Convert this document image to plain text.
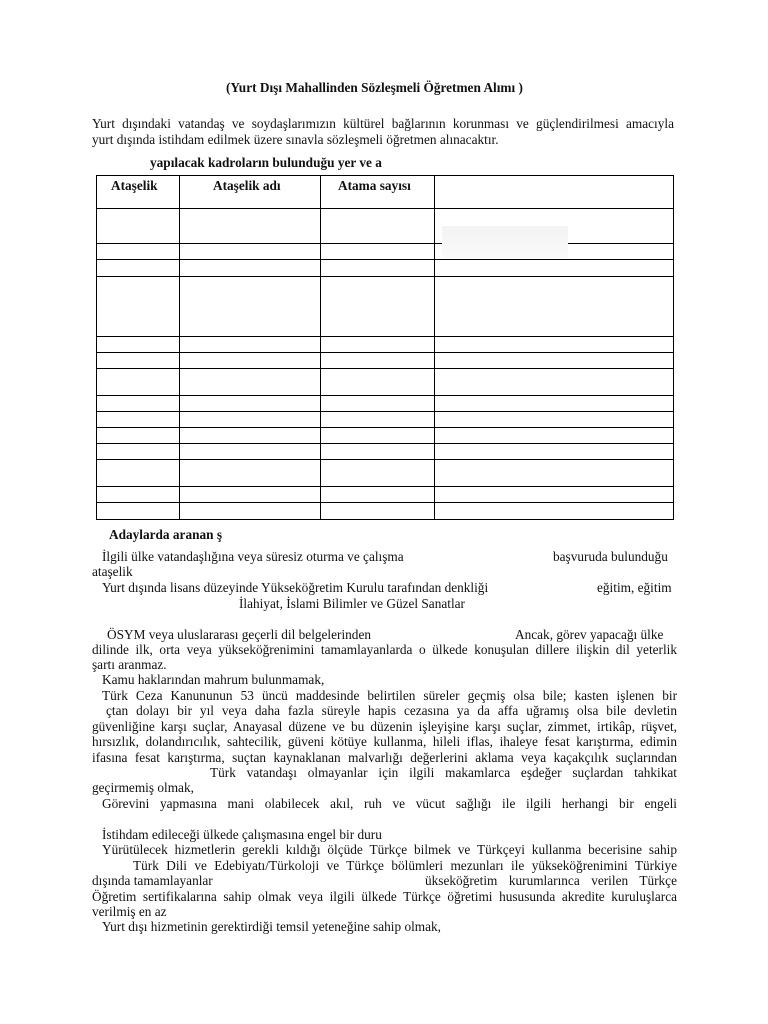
(Yurt Dışı Mahallinden Sözleşmeli Öğretmen Alımı )
Yurt dışındaki vatandaş ve soydaşlarımızın kültürel bağlarının korunması ve güçlendirilmesi amacıyla
yurt dışında istihdam edilmek üzere sınavla sözleşmeli öğretmen alınacaktır.
yapılacak kadroların bulunduğu yer ve a
Ataşelik	Ataşelik adı	Atama sayısı	

Adaylarda aranan ş
İlgili ülke vatandaşlığına veya süresiz oturma ve çalışma	başvuruda bulunduğu
ataşelik
Yurt dışında lisans düzeyinde Yükseköğretim Kurulu tarafından denkliği	eğitim, eğitim
İlahiyat, İslami Bilimler ve Güzel Sanatlar
ÖSYM veya uluslararası geçerli dil belgelerinden	Ancak, görev yapacağı ülke
dilinde ilk, orta veya yükseköğrenimini tamamlayanlarda o ülkede konuşulan dillere ilişkin dil yeterlik
şartı aranmaz.
Kamu haklarından mahrum bulunmamak,
Türk Ceza Kanununun 53 üncü maddesinde belirtilen süreler geçmiş olsa bile; kasten işlenen bir
çtan dolayı bir yıl veya daha fazla süreyle hapis cezasına ya da affa uğramış olsa bile devletin
güvenliğine karşı suçlar, Anayasal düzene ve bu düzenin işleyişine karşı suçlar, zimmet, irtikâp, rüşvet,
hırsızlık, dolandırıcılık, sahtecilik, güveni kötüye kullanma, hileli iflas, ihaleye fesat karıştırma, edimin
ifasına fesat karıştırma, suçtan kaynaklanan malvarlığı değerlerini aklama veya kaçakçılık suçlarından
Türk vatandaşı olmayanlar için ilgili makamlarca eşdeğer suçlardan tahkikat
geçirmemiş olmak,
Görevini yapmasına mani olabilecek akıl, ruh ve vücut sağlığı ile ilgili herhangi bir engeli
İstihdam edileceği ülkede çalışmasına engel bir duru
Yürütülecek hizmetlerin gerekli kıldığı ölçüde Türkçe bilmek ve Türkçeyi kullanma becerisine sahip
Türk Dili ve Edebiyatı/Türkoloji ve Türkçe bölümleri mezunları ile yükseköğrenimini Türkiye
dışında tamamlayanlar	ükseköğretim kurumlarınca verilen Türkçe
Öğretim sertifikalarına sahip olmak veya ilgili ülkede Türkçe öğretimi hususunda akredite kuruluşlarca
verilmiş en az
Yurt dışı hizmetinin gerektirdiği temsil yeteneğine sahip olmak,
